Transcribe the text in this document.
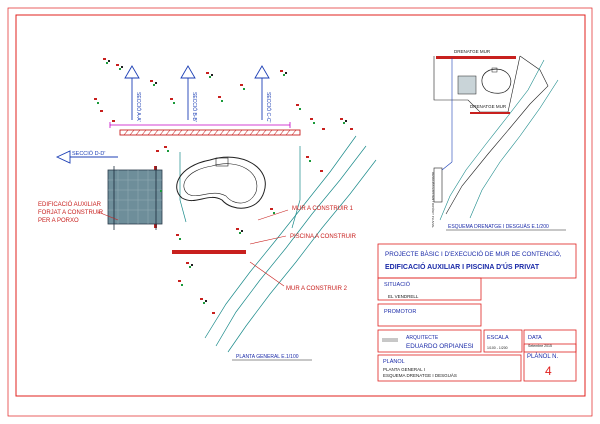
SECCIÓ A-A'	SECCIÓ B-B'	SECCIÓ C-C'
SECCIÓ D-D'
EDIFICACIÓ AUXILIAR
FORJAT A CONSTRUIR
PER A PORXO
MUR A CONSTRUIR 1
PISCINA A CONSTRUIR
MUR A CONSTRUIR 2
PLANTA GENERAL E.1/100
DRENATGE MUR
DRENATGE MUR
DESGUÀS EXISTENT DIPÒSIT PLUVIAL	ESQUEMA DRENATGE I DESGUÀS E.1/200
PROJECTE BÀSIC I D'EXECUCIÓ DE MUR DE CONTENCIÓ,
EDIFICACIÓ AUXILIAR I PISCINA D'ÚS PRIVAT
SITUACIÓ
EL VENDRELL
PROMOTOR
ARQUITECTE
EDUARDO ORPIANESI
ESCALA
1/100 - 1/200
DATA
Setembre 2015
PLÀNOL
PLANTA GENERAL I
ESQUEMA DRENATGE I DESGUÀS
PLÀNOL N.
4
